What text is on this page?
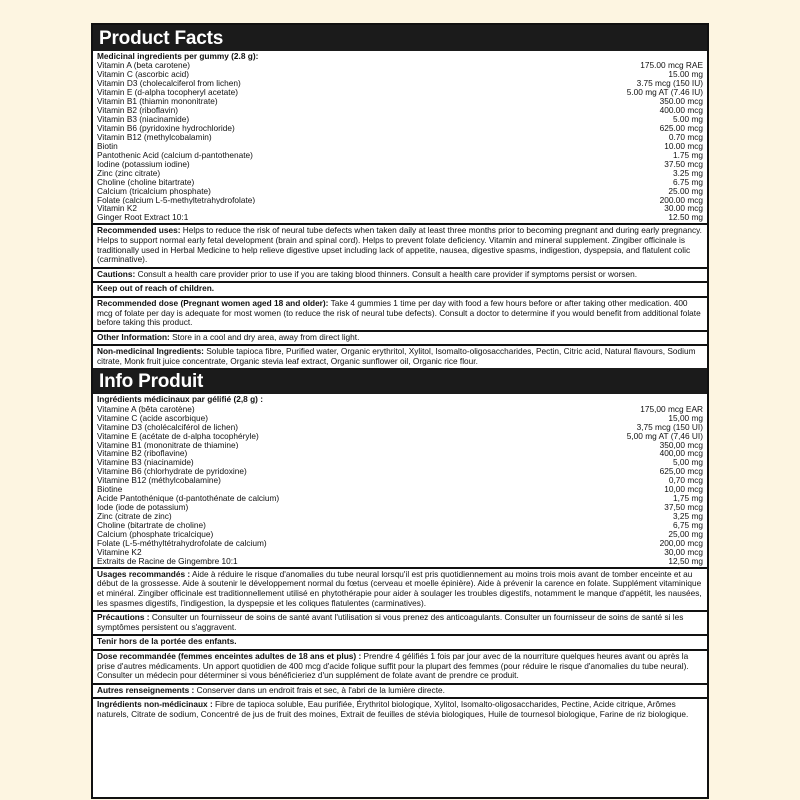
Product Facts
Medicinal ingredients per gummy (2.8 g):
Vitamin A (beta carotene)	175.00 mcg RAE
Vitamin C (ascorbic acid)	15.00 mg
Vitamin D3 (cholecalciferol from lichen)	3.75 mcg (150 IU)
Vitamin E (d-alpha tocopheryl acetate)	5.00 mg AT (7.46 IU)
Vitamin B1 (thiamin mononitrate)	350.00 mcg
Vitamin B2 (riboflavin)	400.00 mcg
Vitamin B3 (niacinamide)	5.00 mg
Vitamin B6 (pyridoxine hydrochloride)	625.00 mcg
Vitamin B12 (methylcobalamin)	0.70 mcg
Biotin	10.00 mcg
Pantothenic Acid (calcium d-pantothenate)	1.75 mg
Iodine (potassium iodine)	37.50 mcg
Zinc (zinc citrate)	3.25 mg
Choline (choline bitartrate)	6.75 mg
Calcium (tricalcium phosphate)	25.00 mg
Folate (calcium L-5-methyltetrahydrofolate)	200.00 mcg
Vitamin K2	30.00 mcg
Ginger Root Extract 10:1	12.50 mg
Recommended uses: Helps to reduce the risk of neural tube defects when taken daily at least three months prior to becoming pregnant and during early pregnancy. Helps to support normal early fetal development (brain and spinal cord). Helps to prevent folate deficiency. Vitamin and mineral supplement. Zingiber officinale is traditionally used in Herbal Medicine to help relieve digestive upset including lack of appetite, nausea, digestive spasms, indigestion, dyspepsia, and flatulent colic (carminative).
Cautions: Consult a health care provider prior to use if you are taking blood thinners. Consult a health care provider if symptoms persist or worsen.
Keep out of reach of children.
Recommended dose (Pregnant women aged 18 and older): Take 4 gummies 1 time per day with food a few hours before or after taking other medication. 400 mcg of folate per day is adequate for most women (to reduce the risk of neural tube defects). Consult a doctor to determine if you would benefit from additional folate before taking this product.
Other Information: Store in a cool and dry area, away from direct light.
Non-medicinal Ingredients: Soluble tapioca fibre, Purified water, Organic erythritol, Xylitol, Isomalto-oligosaccharides, Pectin, Citric acid, Natural flavours, Sodium citrate, Monk fruit juice concentrate, Organic stevia leaf extract, Organic sunflower oil, Organic rice flour.
Info Produit
Ingrédients médicinaux par gélifié (2,8 g) :
Vitamine A (bêta carotène)	175,00 mcg EAR
Vitamine C (acide ascorbique)	15,00 mg
Vitamine D3 (cholécalciférol de lichen)	3,75 mcg (150 UI)
Vitamine E (acétate de d-alpha tocophéryle)	5,00 mg AT (7,46 UI)
Vitamine B1 (mononitrate de thiamine)	350,00 mcg
Vitamine B2 (riboflavine)	400,00 mcg
Vitamine B3 (niacinamide)	5,00 mg
Vitamine B6 (chlorhydrate de pyridoxine)	625,00 mcg
Vitamine B12 (méthylcobalamine)	0,70 mcg
Biotine	10,00 mcg
Acide Pantothénique (d-pantothénate de calcium)	1,75 mg
Iode (iode de potassium)	37,50 mcg
Zinc (citrate de zinc)	3,25 mg
Choline (bitartrate de choline)	6,75 mg
Calcium (phosphate tricalcique)	25,00 mg
Folate (L-5-méthyltétrahydrofolate de calcium)	200,00 mcg
Vitamine K2	30,00 mcg
Extraits de Racine de Gingembre 10:1	12,50 mg
Usages recommandés : Aide à réduire le risque d'anomalies du tube neural lorsqu'il est pris quotidiennement au moins trois mois avant de tomber enceinte et au début de la grossesse. Aide à soutenir le développement normal du fœtus (cerveau et moelle épinière). Aide à prévenir la carence en folate. Supplément vitaminique et minéral. Zingiber officinale est traditionnellement utilisé en phytothérapie pour aider à soulager les troubles digestifs, notamment le manque d'appétit, les nausées, les spasmes digestifs, l'indigestion, la dyspepsie et les coliques flatulentes (carminatives).
Précautions : Consulter un fournisseur de soins de santé avant l'utilisation si vous prenez des anticoagulants. Consulter un fournisseur de soins de santé si les symptômes persistent ou s'aggravent.
Tenir hors de la portée des enfants.
Dose recommandée (femmes enceintes adultes de 18 ans et plus) : Prendre 4 gélifiés 1 fois par jour avec de la nourriture quelques heures avant ou après la prise d'autres médicaments. Un apport quotidien de 400 mcg d'acide folique suffit pour la plupart des femmes (pour réduire le risque d'anomalies du tube neural). Consulter un médecin pour déterminer si vous bénéficieriez d'un supplément de folate avant de prendre ce produit.
Autres renseignements : Conserver dans un endroit frais et sec, à l'abri de la lumière directe.
Ingrédients non-médicinaux : Fibre de tapioca soluble, Eau purifiée, Érythritol biologique, Xylitol, Isomalto-oligosaccharides, Pectine, Acide citrique, Arômes naturels, Citrate de sodium, Concentré de jus de fruit des moines, Extrait de feuilles de stévia biologiques, Huile de tournesol biologique, Farine de riz biologique.
